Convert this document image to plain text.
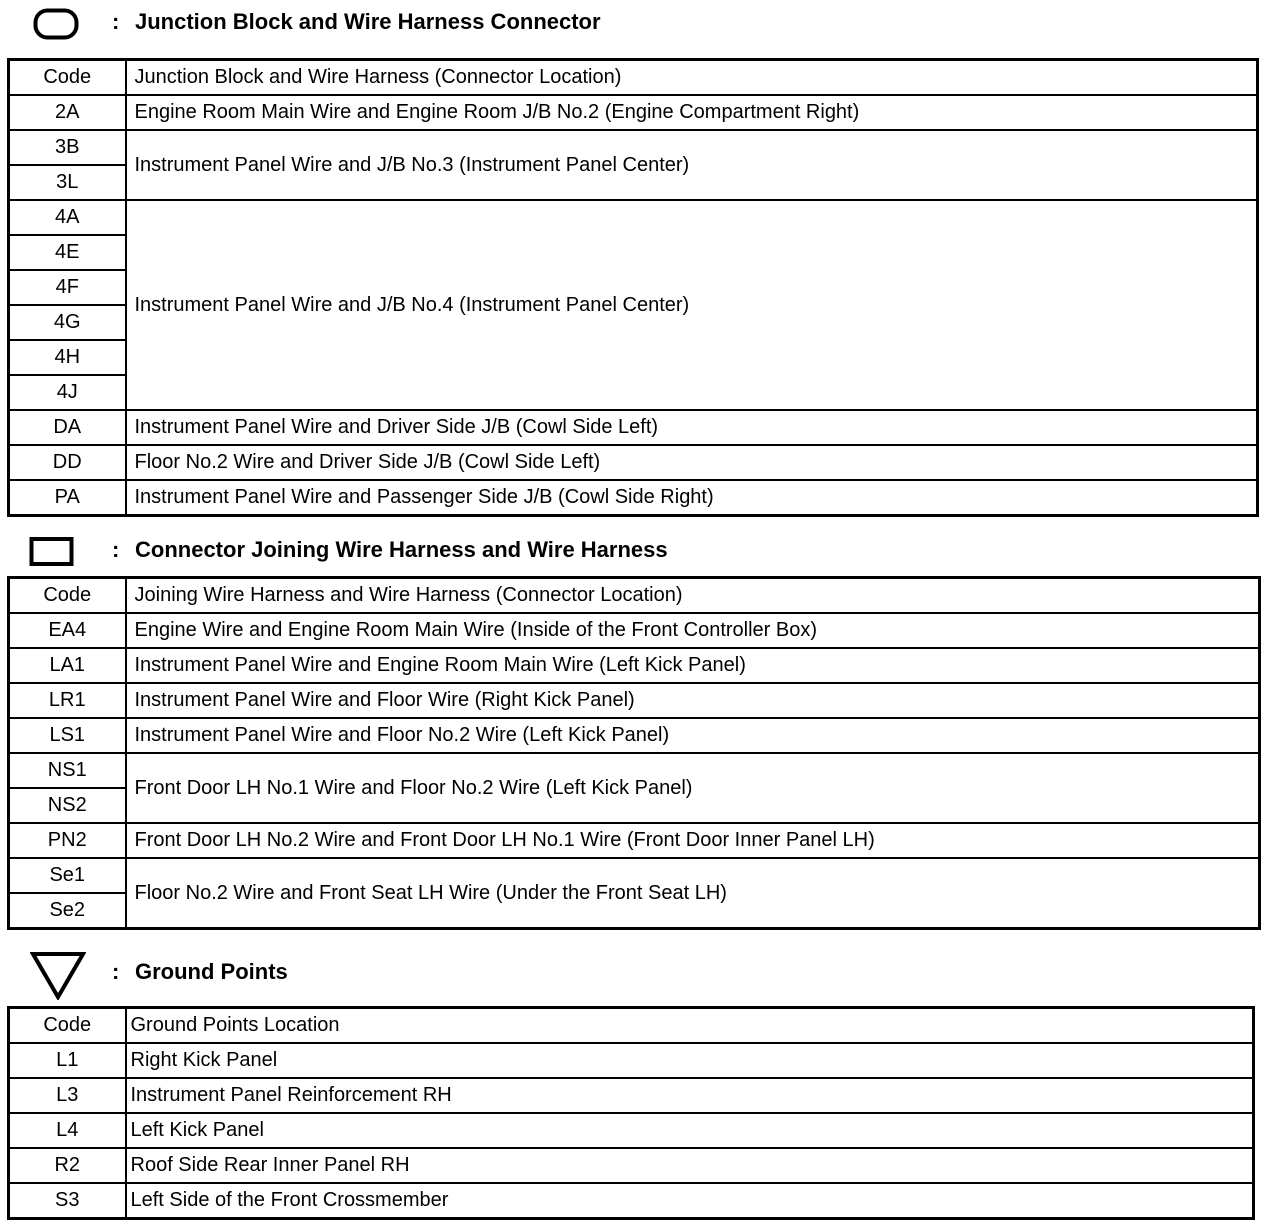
: Junction Block and Wire Harness Connector
Code	Junction Block and Wire Harness (Connector Location)
2A	Engine Room Main Wire and Engine Room J/B No.2 (Engine Compartment Right)
3B	Instrument Panel Wire and J/B No.3 (Instrument Panel Center)
3L	
4A	Instrument Panel Wire and J/B No.4 (Instrument Panel Center)
4E	
4F	
4G	
4H	
4J	
DA	Instrument Panel Wire and Driver Side J/B (Cowl Side Left)
DD	Floor No.2 Wire and Driver Side J/B (Cowl Side Left)
PA	Instrument Panel Wire and Passenger Side J/B (Cowl Side Right)
: Connector Joining Wire Harness and Wire Harness
Code	Joining Wire Harness and Wire Harness (Connector Location)
EA4	Engine Wire and Engine Room Main Wire (Inside of the Front Controller Box)
LA1	Instrument Panel Wire and Engine Room Main Wire (Left Kick Panel)
LR1	Instrument Panel Wire and Floor Wire (Right Kick Panel)
LS1	Instrument Panel Wire and Floor No.2 Wire (Left Kick Panel)
NS1	Front Door LH No.1 Wire and Floor No.2 Wire (Left Kick Panel)
NS2	
PN2	Front Door LH No.2 Wire and Front Door LH No.1 Wire (Front Door Inner Panel LH)
Se1	Floor No.2 Wire and Front Seat LH Wire (Under the Front Seat LH)
Se2	
: Ground Points
Code	Ground Points Location
L1	Right Kick Panel
L3	Instrument Panel Reinforcement RH
L4	Left Kick Panel
R2	Roof Side Rear Inner Panel RH
S3	Left Side of the Front Crossmember
